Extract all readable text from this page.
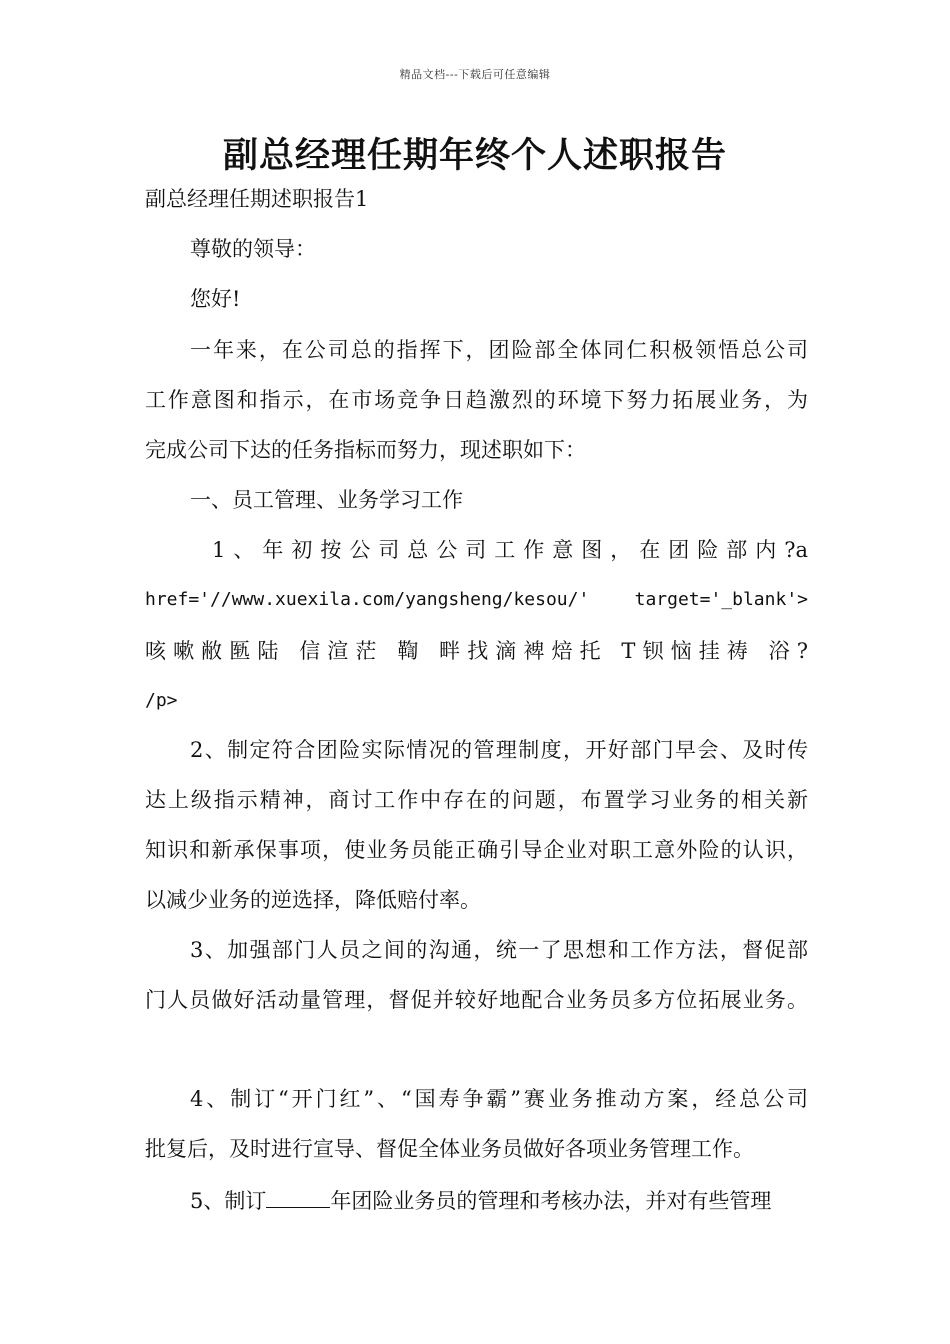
精品文档---下载后可任意编辑
副总经理任期年终个人述职报告
副总经理任期述职报告1
尊敬的领导：
您好!
一年来，在公司总的指挥下，团险部全体同仁积极领悟总公司
工作意图和指示，在市场竞争日趋激烈的环境下努力拓展业务，为
完成公司下达的任务指标而努力，现述职如下：
一、员工管理、业务学习工作
1、年初按公司总公司工作意图，在团险部内?a
href='//www.xuexila.com/yangsheng/kesou/' target='_blank'>
咳嗽敝匦陆 信渲茫 鞫 畔找滴裨焙托 T钡恼挂祷 浴?
/p>
2、制定符合团险实际情况的管理制度，开好部门早会、及时传
达上级指示精神，商讨工作中存在的问题，布置学习业务的相关新
知识和新承保事项，使业务员能正确引导企业对职工意外险的认识，
以减少业务的逆选择，降低赔付率。
3、加强部门人员之间的沟通，统一了思想和工作方法，督促部
门人员做好活动量管理，督促并较好地配合业务员多方位拓展业务。
4、制订“开门红”、“国寿争霸”赛业务推动方案，经总公司
批复后，及时进行宣导、督促全体业务员做好各项业务管理工作。
5、制订	年团险业务员的管理和考核办法，并对有些管理
